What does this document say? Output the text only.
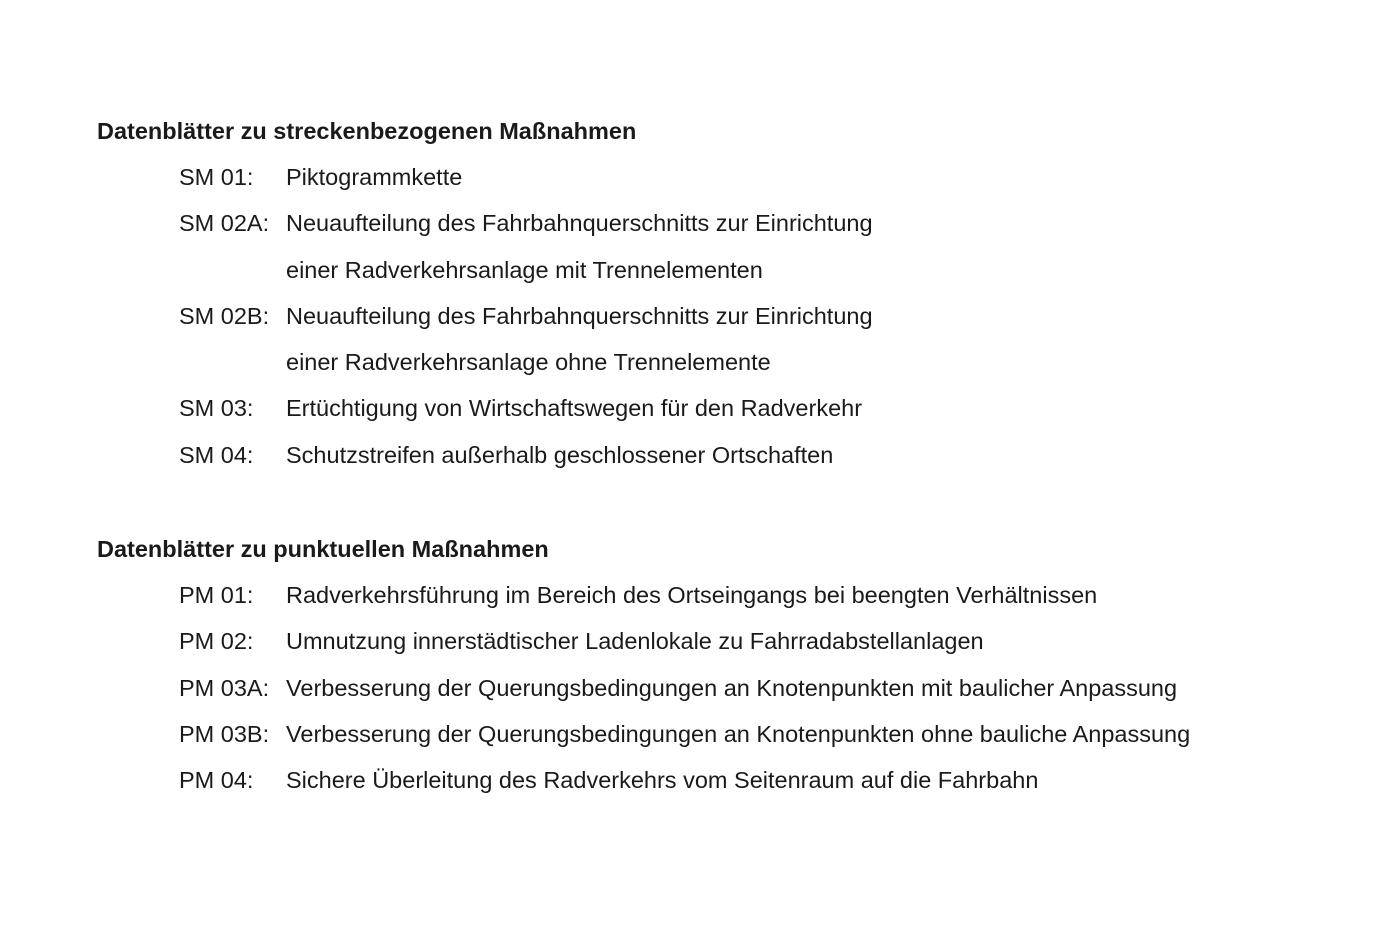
Datenblätter zu streckenbezogenen Maßnahmen
SM 01:	Piktogrammkette
SM 02A: Neuaufteilung des Fahrbahnquerschnitts zur Einrichtung
einer Radverkehrsanlage mit Trennelementen
SM 02B: Neuaufteilung des Fahrbahnquerschnitts zur Einrichtung
einer Radverkehrsanlage ohne Trennelemente
SM 03:	Ertüchtigung von Wirtschaftswegen für den Radverkehr
SM 04:	Schutzstreifen außerhalb geschlossener Ortschaften
Datenblätter zu punktuellen Maßnahmen
PM 01:	Radverkehrsführung im Bereich des Ortseingangs bei beengten Verhältnissen
PM 02:	Umnutzung innerstädtischer Ladenlokale zu Fahrradabstellanlagen
PM 03A: Verbesserung der Querungsbedingungen an Knotenpunkten mit baulicher Anpassung
PM 03B: Verbesserung der Querungsbedingungen an Knotenpunkten ohne bauliche Anpassung
PM 04:	Sichere Überleitung des Radverkehrs vom Seitenraum auf die Fahrbahn
